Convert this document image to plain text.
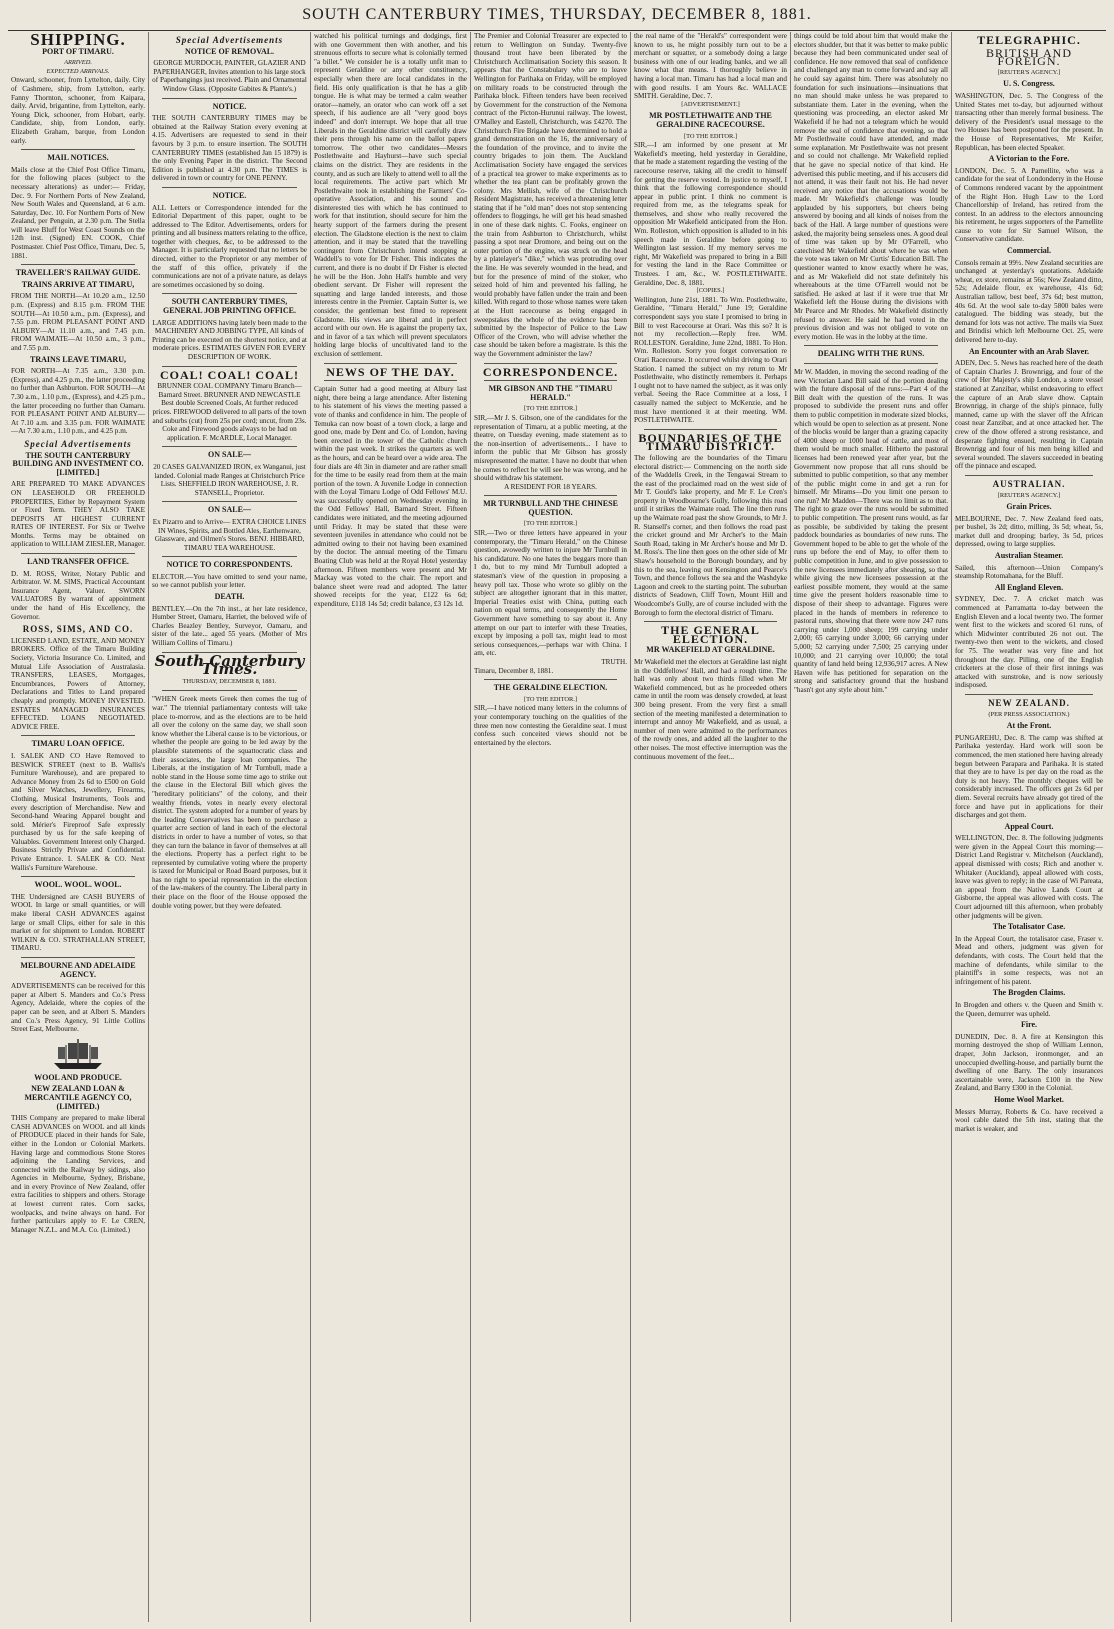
SOUTH CANTERBURY TIMES, THURSDAY, DECEMBER 8, 1881.
SHIPPING.
PORT OF TIMARU.
ARRIVED.
EXPECTED ARRIVALS.
Onward, schooner, from Lyttelton, daily. City of Cashmere, ship, from Lyttelton, early. Fanny Thornton, schooner, from Kaipara, daily. Arvid, brigantine, from Lyttelton, early. Young Dick, schooner, from Hobart, early. Candidate, ship, from London, early. Elizabeth Graham, barque, from London early.
MAIL NOTICES.
Mails close at the Chief Post Office Timaru, for the following places (subject to the necessary alterations) as under:— Friday, Dec. 9. For Northern Ports of New Zealand, New South Wales and Queensland, at 6 a.m. Saturday, Dec. 10. For Northern Ports of New Zealand, per Penguin, at 2.30 p.m. The Stella will leave Bluff for West Coast Sounds on the 12th inst. (Signed) EN. COOK, Chief Postmaster. Chief Post Office, Timaru, Dec. 5, 1881.
TRAVELLER'S RAILWAY GUIDE.
TRAINS ARRIVE AT TIMARU,
FROM THE NORTH—At 10.20 a.m., 12.50 p.m. (Express) and 8.15 p.m. FROM THE SOUTH—At 10.50 a.m., p.m. (Express), and 7.55 p.m. FROM PLEASANT POINT AND ALBURY—At 11.10 a.m., and 7.45 p.m. FROM WAIMATE—At 10.50 a.m., 3 p.m., and 7.55 p.m.
TRAINS LEAVE TIMARU,
FOR NORTH—At 7.35 a.m., 3.30 p.m. (Express), and 4.25 p.m., the latter proceeding no further than Ashburton. FOR SOUTH—At 7.30 a.m., 1.10 p.m., (Express), and 4.25 p.m., the latter proceeding no further than Oamaru. FOR PLEASANT POINT AND ALBURY—At 7.10 a.m. and 3.35 p.m. FOR WAIMATE—At 7.30 a.m., 1.10 p.m., and 4.25 p.m.
Special Advertisements
THE SOUTH CANTERBURY BUILDING AND INVESTMENT CO. [LIMITED.]
ARE PREPARED TO MAKE ADVANCES ON LEASEHOLD OR FREEHOLD PROPERTIES, Either by Repayment System or Fixed Term. THEY ALSO TAKE DEPOSITS AT HIGHEST CURRENT RATES OF INTEREST. For Six or Twelve Months. Terms may be obtained on application to WILLIAM ZIESLER, Manager.
LAND TRANSFER OFFICE.
D. M. ROSS, Writer, Notary Public and Arbitrator. W. M. SIMS, Practical Accountant Insurance Agent, Valuer. SWORN VALUATORS By warrant of appointment under the hand of His Excellency, the Governor.
ROSS, SIMS, AND CO.
LICENSED LAND, ESTATE, AND MONEY BROKERS. Office of the Timaru Building Society, Victoria Insurance Co. Limited, and Mutual Life Association of Australasia. TRANSFERS, LEASES, Mortgages, Encumbrances, Powers of Attorney, Declarations and Titles to Land prepared cheaply and promptly. MONEY INVESTED. ESTATES MANAGED INSURANCES EFFECTED. LOANS NEGOTIATED. ADVICE FREE.
TIMARU LOAN OFFICE.
I. SALEK AND CO Have Removed to BESWICK STREET (next to B. Wallis's Furniture Warehouse), and are prepared to Advance Money from 2s 6d to £500 on Gold and Silver Watches, Jewellery, Firearms, Clothing, Musical Instruments, Tools and every description of Merchandise. New and Second-hand Wearing Apparel bought and sold. Mérier's Fireproof Safe expressly purchased by us for the safe keeping of Valuables. Government Interest only Charged. Business Strictly Private and Confidential. Private Entrance. I. SALEK & CO. Next Wallis's Furniture Warehouse.
WOOL. WOOL. WOOL.
THE Undersigned are CASH BUYERS of WOOL In large or small quantities, or will make liberal CASH ADVANCES against large or small Clips, either for sale in this market or for shipment to London. ROBERT WILKIN & CO. STRATHALLAN STREET, TIMARU.
MELBOURNE AND ADELAIDE AGENCY.
ADVERTISEMENTS can be received for this paper at Albert S. Manders and Co.'s Press Agency, Adelaide, where the copies of the paper can be seen, and at Albert S. Manders and Co.'s Press Agency, 91 Little Collins Street East, Melbourne.
WOOL AND PRODUCE.
NEW ZEALAND LOAN & MERCANTILE AGENCY CO, (LIMITED.)
THIS Company are prepared to make liberal CASH ADVANCES on WOOL and all kinds of PRODUCE placed in their hands for Sale, either in the London or Colonial Markets. Having large and commodious Stone Stores adjoining the Landing Services, and connected with the Railway by sidings, also Agencies in Melbourne, Sydney, Brisbane, and in every Province of New Zealand, offer extra facilities to shippers and others. Storage at lowest current rates. Corn sacks, woolpacks, and twine always on hand. For further particulars apply to F. Le CREN, Manager N.Z.L. and M.A. Co. (Limited.)
Special Advertisements
NOTICE OF REMOVAL.
GEORGE MURDOCH, PAINTER, GLAZIER AND PAPERHANGER, Invites attention to his large stock of Paperhangings just received. Plain and Ornamental Window Glass. (Opposite Gabites & Plante's.)
NOTICE.
THE SOUTH CANTERBURY TIMES may be obtained at the Railway Station every evening at 4.15. Advertisers are requested to send in their favours by 3 p.m. to ensure insertion. The SOUTH CANTERBURY TIMES (established Jan 15 1879) is the only Evening Paper in the district. The Second Edition is published at 4.30 p.m. The TIMES is delivered in town or country for ONE PENNY.
NOTICE.
ALL Letters or Correspondence intended for the Editorial Department of this paper, ought to be addressed to The Editor. Advertisements, orders for printing and all business matters relating to the office, together with cheques, &c, to be addressed to the Manager. It is particularly requested that no letters be directed, either to the Proprietor or any member of the staff of this office, privately if the communications are not of a private nature, as delays are sometimes occasioned by so doing.
SOUTH CANTERBURY TIMES, GENERAL JOB PRINTING OFFICE.
LARGE ADDITIONS having lately been made to the MACHINERY AND JOBBING TYPE, All kinds of Printing can be executed on the shortest notice, and at moderate prices. ESTIMATES GIVEN FOR EVERY DESCRIPTION OF WORK.
COAL! COAL! COAL!
BRUNNER COAL COMPANY Timaru Branch—Barnard Street. BRUNNER AND NEWCASTLE Best double Screened Coals, At further reduced prices. FIREWOOD delivered to all parts of the town and suburbs (cut) from 25s per cord; uncut, from 23s. Coke and Firewood goods always to be had on application. F. McARDLE, Local Manager.
ON SALE—
20 CASES GALVANIZED IRON, ex Wanganui, just landed. Colonial made Ranges at Christchurch Price Lists. SHEFFIELD IRON WAREHOUSE, J. R. STANSELL, Proprietor.
ON SALE—
Ex Pizarro and to Arrive— EXTRA CHOICE LINES IN Wines, Spirits, and Bottled Ales, Earthenware, Glassware, and Oilmen's Stores. BENJ. HIBBARD, TIMARU TEA WAREHOUSE.
NOTICE TO CORRESPONDENTS.
ELECTOR.—You have omitted to send your name, so we cannot publish your letter.
DEATH.
BENTLEY.—On the 7th inst., at her late residence, Humber Street, Oamaru, Harriet, the beloved wife of Charles Beazley Bentley, Surveyor, Oamaru, and sister of the late... aged 55 years. (Mother of Mrs William Collins of Timaru.)
South Canterbury Times.
THURSDAY, DECEMBER 8, 1881.
"WHEN Greek meets Greek then comes the tug of war." The triennial parliamentary contests will take place to-morrow, and as the elections are to be held all over the colony on the same day, we shall soon know whether the Liberal cause is to be victorious, or whether the people are going to be led away by the plausible statements of the squattocratic class and their associates, the large loan companies. The Liberals, at the instigation of Mr Turnbull, made a noble stand in the House some time ago to strike out the clause in the Electoral Bill which gives the "hereditary politicians" of the colony, and their wealthy friends, votes in nearly every electoral district. The system adopted for a number of years by the leading Conservatives has been to purchase a quarter acre section of land in each of the electoral districts in order to have a number of votes, so that they can turn the balance in favor of themselves at all the elections. Property has a perfect right to be represented by cumulative voting where the property is taxed for Municipal or Road Board purposes, but it has no right to special representation in the election of the law-makers of the country. The Liberal party in their place on the floor of the House opposed the double voting power, but they were defeated.
watched his political turnings and dodgings, first with one Government then with another, and his strenuous efforts to secure what is colonially termed "a billet." We consider he is a totally unfit man to represent Geraldine or any other constituency, especially when there are local candidates in the field. His only qualification is that he has a glib tongue. He is what may be termed a calm weather orator—namely, an orator who can work off a set speech, if his audience are all "very good boys indeed" and don't interrupt. We hope that all true Liberals in the Geraldine district will carefully draw their pens through his name on the ballot papers tomorrow. The other two candidates—Messrs Postlethwaite and Hayhurst—have such special claims on the district. They are residents in the county, and as such are likely to attend well to all the local requirements. The active part which Mr Postlethwaite took in establishing the Farmers' Co-operative Association, and his sound and disinterested ties with which he has continued to work for that institution, should secure for him the hearty support of the farmers during the present election. The Gladstone election is the next to claim attention, and it may be stated that the travelling contingent from Christchurch intend stopping at Waddell's to vote for Dr Fisher. This indicates the current, and there is no doubt if Dr Fisher is elected he will be the Hon. John Hall's humble and very obedient servant. Dr Fisher will represent the squatting and large landed interests, and those interests centre in the Premier. Captain Sutter is, we consider, the gentleman best fitted to represent Gladstone. His views are liberal and in perfect accord with our own. He is against the property tax, and in favor of a tax which will prevent speculators holding large blocks of uncultivated land to the exclusion of settlement.
NEWS OF THE DAY.
Captain Sutter had a good meeting at Albury last night, there being a large attendance. After listening to his statement of his views the meeting passed a vote of thanks and confidence in him. The people of Temuka can now boast of a town clock, a large and good one, made by Dent and Co. of London, having been erected in the tower of the Catholic church within the past week. It strikes the quarters as well as the hours, and can be heard over a wide area. The four dials are 4ft 3in in diameter and are rather small for the time to be easily read from them at the main portion of the town. A Juvenile Lodge in connection with the Loyal Timaru Lodge of Odd Fellows' M.U. was successfully opened on Wednesday evening in the Odd Fellows' Hall, Barnard Street. Fifteen candidates were initiated, and the meeting adjourned until Friday. It may be stated that these were seventeen juveniles in attendance who could not be admitted owing to their not having been examined by the doctor. The annual meeting of the Timaru Boating Club was held at the Royal Hotel yesterday afternoon. Fifteen members were present and Mr Mackay was voted to the chair. The report and balance sheet were read and adopted. The latter showed receipts for the year, £122 6s 6d; expenditure, £118 14s 5d; credit balance, £3 12s 1d.
The Premier and Colonial Treasurer are expected to return to Wellington on Sunday. Twenty-five thousand trout have been liberated by the Christchurch Acclimatisation Society this season. It appears that the Constabulary who are to leave Wellington for Parihaka on Friday, will be employed on military roads to be constructed through the Parihaka block. Fifteen tenders have been received by Government for the construction of the Nemona contract of the Picton-Hurunui railway. The lowest, O'Malley and Eastell, Christchurch, was £4270. The Christchurch Fire Brigade have determined to hold a grand demonstration on the 16, the anniversary of the foundation of the province, and to invite the country brigades to join them. The Auckland Acclimatisation Society have engaged the services of a practical tea grower to make experiments as to whether the tea plant can be profitably grown the colony. Mrs Mellish, wife of the Christchurch Resident Magistrate, has received a threatening letter stating that if he "old man" does not stop sentencing offenders to floggings, he will get his head smashed in one of these dark nights. C. Fooks, engineer on the train from Ashburton to Christchurch, whilst passing a spot near Dromore, and being out on the outer portion of the engine, was struck on the head by a platelayer's "dike," which was protruding over the line. He was severely wounded in the head, and but for the presence of mind of the stoker, who seized hold of him and prevented his falling, he would probably have fallen under the train and been killed. With regard to those whose names were taken at the Hutt racecourse as being engaged in sweepstakes the whole of the evidence has been submitted by the Inspector of Police to the Law Officer of the Crown, who will advise whether the case should be taken before a magistrate. Is this the way the Government administer the law?
CORRESPONDENCE.
MR GIBSON AND THE "TIMARU HERALD."
[TO THE EDITOR.]
SIR,—Mr J. S. Gibson, one of the candidates for the representation of Timaru, at a public meeting, at the theatre, on Tuesday evening, made statement as to the non-insertion of advertisements... I have to inform the public that Mr Gibson has grossly misrepresented the matter. I have no doubt that when he comes to reflect he will see he was wrong, and he should withdraw his statement.
A RESIDENT FOR 18 YEARS.
MR TURNBULL AND THE CHINESE QUESTION.
[TO THE EDITOR.]
SIR,—Two or three letters have appeared in your contemporary, the "Timaru Herald," on the Chinese question, avowedly written to injure Mr Turnbull in his candidature. No one hates the beggars more than I do, but to my mind Mr Turnbull adopted a statesman's view of the question in proposing a heavy poll tax. Those who wrote so glibly on the subject are altogether ignorant that in this matter, Imperial Treaties exist with China, putting each nation on equal terms, and consequently the Home Government have something to say about it. Any attempt on our part to interfer with these Treaties, except by imposing a poll tax, might lead to most serious consequences,—perhaps war with China. I am, etc.
TRUTH.
Timaru, December 8, 1881.
THE GERALDINE ELECTION.
[TO THE EDITOR.]
SIR,—I have noticed many letters in the columns of your contemporary touching on the qualities of the three men now contesting the Geraldine seat. I must confess such conceited views should not be entertained by the electors.
the real name of the "Herald's" correspondent were known to us, he might possibly turn out to be a merchant or squatter, or a somebody doing a large business with one of our leading banks, and we all know what that means. I thoroughly believe in having a local man. Timaru has had a local man and with good results. I am Yours &c. WALLACE SMITH. Geraldine, Dec. 7.
[ADVERTISEMENT.]
MR POSTLETHWAITE AND THE GERALDINE RACECOURSE.
[TO THE EDITOR.]
SIR,—I am informed by one present at Mr Wakefield's meeting, held yesterday in Geraldine, that he made a statement regarding the vesting of the racecourse reserve, taking all the credit to himself for getting the reserve vested. In justice to myself, I think that the following correspondence should appear in public print. I think no comment is required from me, as the telegrams speak for themselves, and show who really recovered the opposition Mr Wakefield anticipated from the Hon. Wm. Rolleston, which opposition is alluded to in his speech made in Geraldine before going to Wellington last session. If my memory serves me right, Mr Wakefield was prepared to bring in a Bill for vesting the land in the Race Committee or Trustees. I am, &c., W. POSTLETHWAITE. Geraldine, Dec. 8, 1881.
[COPIES.]
Wellington, June 21st, 1881. To Wm. Postlethwaite, Geraldine, "Timaru Herald," June 19; Geraldine correspondent says you state I promised to bring in Bill to vest Racecourse at Orari. Was this so? It is not my recollection.—Reply free. WM. ROLLESTON. Geraldine, June 22nd, 1881. To Hon. Wm. Rolleston. Sorry you forget conversation re Orari Racecourse. It occurred whilst driving to Orari Station. I named the subject on my return to Mr Postlethwaite, who distinctly remembers it. Perhaps I ought not to have named the subject, as it was only verbal. Seeing the Race Committee at a loss, I casually named the subject to McKenzie, and he must have mentioned it at their meeting. WM. POSTLETHWAITE.
BOUNDARIES OF THE TIMARU DISTRICT.
The following are the boundaries of the Timaru electoral district:— Commencing on the north side of the Waddells Creek, in the Tengawai Stream to the east of the proclaimed road on the west side of Mr T. Gould's lake property, and Mr F. Le Cren's property in Woodbourne's Gully, following this road until it strikes the Waimate road. The line then runs up the Waimate road past the show Grounds, to Mr J. R. Stansell's corner, and then follows the road past the cricket ground and Mr Archer's to the Main South Road, taking in Mr Archer's house and Mr D. M. Ross's. The line then goes on the other side of Mr Shaw's household to the Borough boundary, and by this to the sea, leaving out Kensington and Pearce's Town, and thence follows the sea and the Washdyke Lagoon and creek to the starting point. The suburban districts of Seadown, Cliff Town, Mount Hill and Woodcombe's Gully, are of course included with the Borough to form the electoral district of Timaru.
THE GENERAL ELECTION.
MR WAKEFIELD AT GERALDINE.
Mr Wakefield met the electors at Geraldine last night in the Oddfellows' Hall, and had a rough time. The hall was only about two thirds filled when Mr Wakefield commenced, but as he proceeded others came in until the room was densely crowded, at least 300 being present. From the very first a small section of the meeting manifested a determination to interrupt and annoy Mr Wakefield, and as usual, a number of men were admitted to the performances of the rowdy ones, and added all the laughter to the other noises. The most effective interruption was the continuous movement of the feet...
things could be told about him that would make the electors shudder, but that it was better to make public because they had been communicated under seal of confidence. He now removed that seal of confidence and challenged any man to come forward and say all he could say against him. There was absolutely no foundation for such insinuations—insinuations that no man should make unless he was prepared to substantiate them. Later in the evening, when the questioning was proceeding, an elector asked Mr Wakefield if he had not a telegram which he would remove the seal of confidence that evening, so that Mr Postlethwaite could have attended, and made some explanation. Mr Postlethwaite was not present and so could not challenge. Mr Wakefield replied that he gave no special notice of that kind. He advertised this public meeting, and if his accusers did not attend, it was their fault not his. He had never received any notice that the accusations would be made. Mr Wakefield's challenge was loudly applauded by his supporters, but cheers being answered by booing and all kinds of noises from the back of the Hall. A large number of questions were asked, the majority being senseless ones. A good deal of time was taken up by Mr O'Farrell, who catechised Mr Wakefield about where he was when the vote was taken on Mr Curtis' Education Bill. The questioner wanted to know exactly where he was, and as Mr Wakefield did not state definitely his whereabouts at the time O'Farrell would not be satisfied. He asked at last if it were true that Mr Wakefield left the House during the divisions with Mr Pearce and Mr Rhodes. Mr Wakefield distinctly refused to answer. He said he had voted in the previous division and was not obliged to vote on every motion. He was in the lobby at the time.
DEALING WITH THE RUNS.
Mr W. Madden, in moving the second reading of the new Victorian Land Bill said of the portion dealing with the future disposal of the runs:—Part 4 of the Bill dealt with the question of the runs. It was proposed to subdivide the present runs and offer them to public competition in moderate sized blocks, which would be open to selection as at present. None of the blocks would be larger than a grazing capacity of 4000 sheep or 1000 head of cattle, and most of them would be much smaller. Hitherto the pastoral licenses had been renewed year after year, but the Government now propose that all runs should be submitted to public competition, so that any member of the public might come in and get a run for himself. Mr Mirams—Do you limit one person to one run? Mr Madden—There was no limit as to that. The right to graze over the runs would be submitted to public competition. The present runs would, as far as possible, be subdivided by taking the present paddock boundaries as boundaries of new runs. The Government hoped to be able to get the whole of the runs up before the end of May, to offer them to public competition in June, and to give possession to the new licensees immediately after shearing, so that while giving the new licensees possession at the earliest possible moment, they would at the same time give the present holders reasonable time to dispose of their sheep to advantage. Figures were placed in the hands of members in reference to pastoral runs, showing that there were now 247 runs carrying under 1,000 sheep; 199 carrying under 2,000; 65 carrying under 3,000; 66 carrying under 5,000; 52 carrying under 7,500; 25 carrying under 10,000; and 21 carrying over 10,000; the total quantity of land held being 12,936,917 acres. A New Haven wife has petitioned for separation on the strong and satisfactory ground that the husband "hasn't got any style about him."
TELEGRAPHIC.
BRITISH AND FOREIGN.
[REUTER'S AGENCY.]
U. S. Congress.
WASHINGTON, Dec. 5. The Congress of the United States met to-day, but adjourned without transacting other than merely formal business. The delivery of the President's usual message to the two Houses has been postponed for the present. In the House of Representatives, Mr Keifer, Republican, has been elected Speaker.
A Victorian to the Fore.
LONDON, Dec. 5. A Parnellite, who was a candidate for the seat of Londonderry in the House of Commons rendered vacant by the appointment of the Right Hon. Hugh Law to the Lord Chancellorship of Ireland, has retired from the contest. In an address to the electors announcing his retirement, he urges supporters of the Parnellite cause to vote for Sir Samuel Wilson, the Conservative candidate.
Commercial.
Consols remain at 99½. New Zealand securities are unchanged at yesterday's quotations. Adelaide wheat, ex store, remains at 56s; New Zealand ditto, 52s; Adelaide flour, ex warehouse, 41s 6d; Australian tallow, best beef, 37s 6d; best mutton, 40s 6d. At the wool sale to-day 5800 bales were catalogued. The bidding was steady, but the demand for lots was not active. The mails via Suez and Brindisi which left Melbourne Oct. 25, were delivered here to-day.
An Encounter with an Arab Slaver.
ADEN, Dec. 5. News has reached here of the death of Captain Charles J. Brownrigg, and four of the crew of Her Majesty's ship London, a store vessel stationed at Zanzibar, whilst endeavoring to effect the capture of an Arab slave dhow. Captain Brownrigg, in charge of the ship's pinnace, fully manned, came up with the slaver off the African coast near Zanzibar, and at once attacked her. The crew of the dhow offered a strong resistance, and desperate fighting ensued, resulting in Captain Brownrigg and four of his men being killed and several wounded. The slavers succeeded in beating off the pinnace and escaped.
AUSTRALIAN.
[REUTER'S AGENCY.]
Grain Prices.
MELBOURNE, Dec. 7. New Zealand feed oats, per bushel, 3s 2d; ditto, milling, 3s 5d; wheat, 5s, market dull and drooping; barley, 3s 5d, prices depressed, owing to large supplies.
Australian Steamer.
Sailed, this afternoon—Union Company's steamship Rotomahana, for the Bluff.
All England Eleven.
SYDNEY, Dec. 7. A cricket match was commenced at Parramatta to-day between the English Eleven and a local twenty two. The former went first to the wickets and scored 61 runs, of which Midwinter contributed 26 not out. The twenty-two then went to the wickets, and closed for 75. The weather was very fine and hot throughout the day. Pilling, one of the English cricketers at the close of their first innings was attacked with sunstroke, and is now seriously indisposed.
NEW ZEALAND.
(PER PRESS ASSOCIATION.)
At the Front.
PUNGAREHU, Dec. 8. The camp was shifted at Parihaka yesterday. Hard work will soon be commenced, the men stationed here having already begun between Parapara and Parihaka. It is stated that they are to have 1s per day on the road as the duty is not heavy. The monthly cheques will be considerably increased. The officers get 2s 6d per diem. Several recruits have already got tired of the force and have put in applications for their discharges and got them.
Appeal Court.
WELLINGTON, Dec. 8. The following judgments were given in the Appeal Court this morning:—District Land Registrar v. Mitchelson (Auckland), appeal dismissed with costs; Rich and another v. Whitaker (Auckland), appeal allowed with costs, leave was given to reply; in the case of Wi Pareata, an appeal from the Native Lands Court at Gisborne, the appeal was allowed with costs. The Court adjourned till this afternoon, when probably other judgments will be given.
The Totalisator Case.
In the Appeal Court, the totalisator case, Fraser v. Mead and others, judgment was given for defendants, with costs. The Court held that the machine of defendants, while similar to the plaintiff's in some respects, was not an infringement of his patent.
The Brogden Claims.
In Brogden and others v. the Queen and Smith v. the Queen, demurrer was upheld.
Fire.
DUNEDIN, Dec. 8. A fire at Kensington this morning destroyed the shop of William Lennon, draper, John Jackson, ironmonger, and an unoccupied dwelling-house, and partially burnt the dwelling of one Barry. The only insurances ascertainable were, Jackson £100 in the New Zealand, and Barry £300 in the Colonial.
Home Wool Market.
Messrs Murray, Roberts & Co. have received a wool cable dated the 5th inst, stating that the market is weaker, and
